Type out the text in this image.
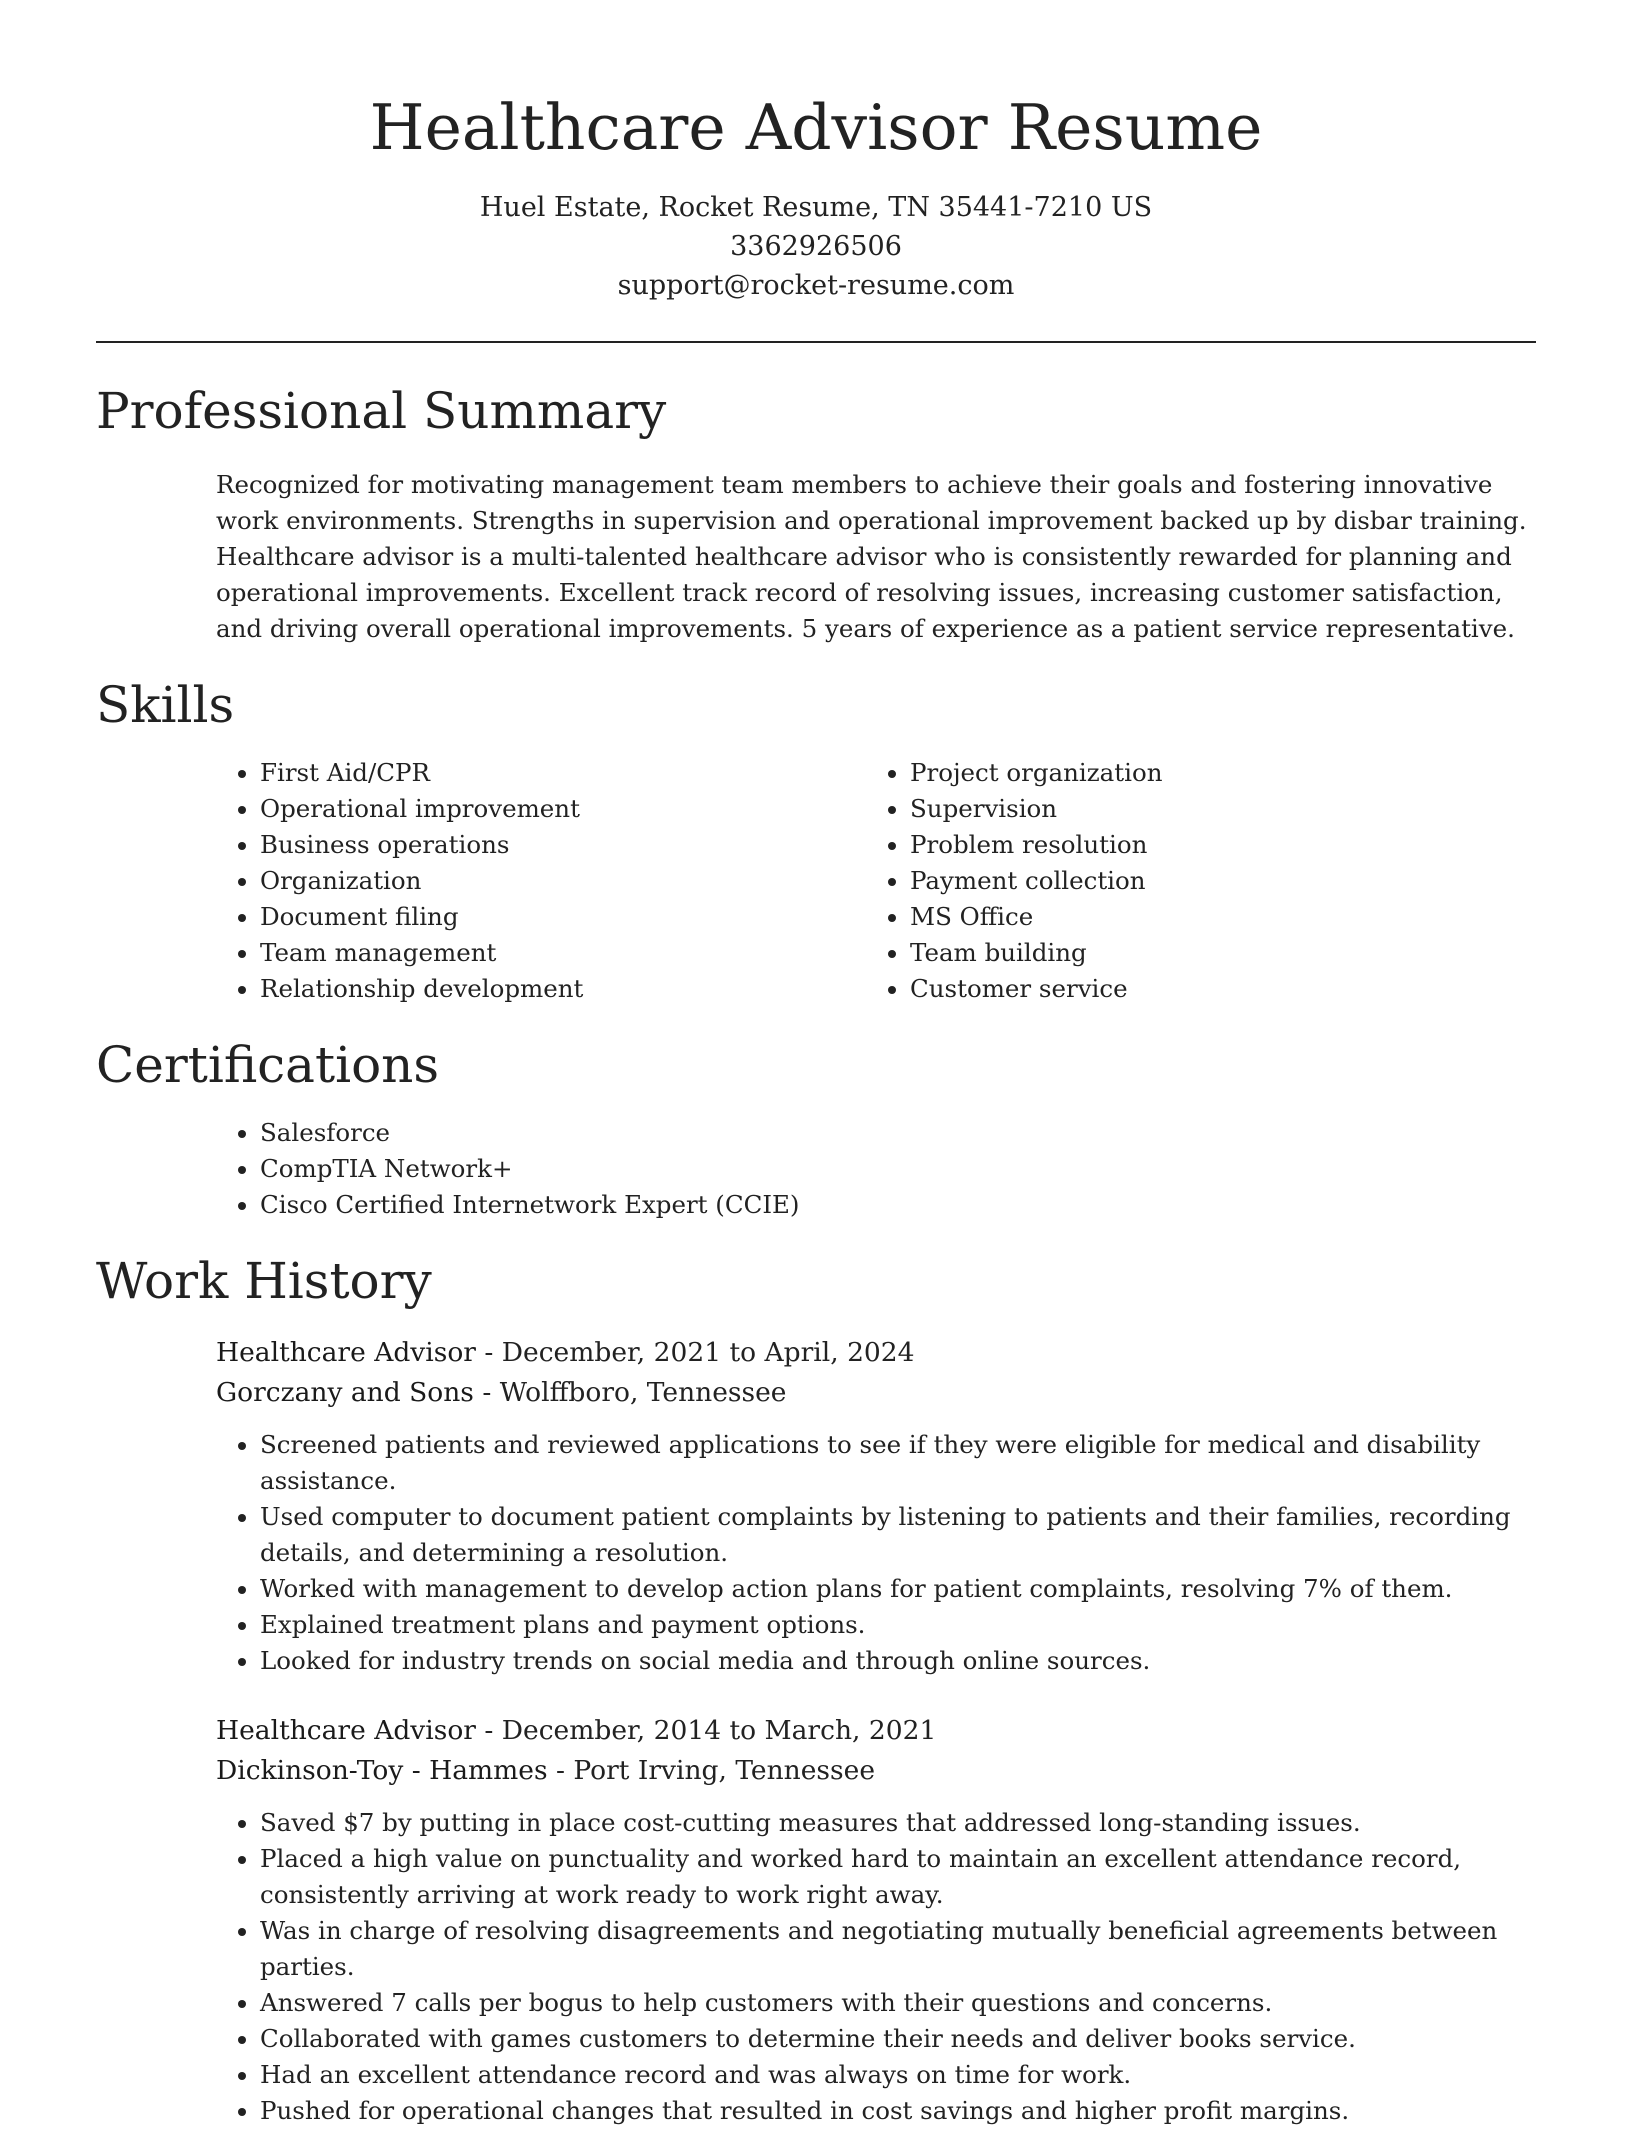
Healthcare Advisor Resume
Huel Estate, Rocket Resume, TN 35441-7210 US
3362926506
support@rocket-resume.com
Professional Summary
Recognized for motivating management team members to achieve their goals and fostering innovative work environments. Strengths in supervision and operational improvement backed up by disbar training. Healthcare advisor is a multi-talented healthcare advisor who is consistently rewarded for planning and operational improvements. Excellent track record of resolving issues, increasing customer satisfaction, and driving overall operational improvements. 5 years of experience as a patient service representative.
Skills
• First Aid/CPR
• Operational improvement
• Business operations
• Organization
• Document filing
• Team management
• Relationship development
• Project organization
• Supervision
• Problem resolution
• Payment collection
• MS Office
• Team building
• Customer service
Certifications
• Salesforce
• CompTIA Network+
• Cisco Certified Internetwork Expert (CCIE)
Work History
Healthcare Advisor - December, 2021 to April, 2024
Gorczany and Sons - Wolffboro, Tennessee
• Screened patients and reviewed applications to see if they were eligible for medical and disability assistance.
• Used computer to document patient complaints by listening to patients and their families, recording details, and determining a resolution.
• Worked with management to develop action plans for patient complaints, resolving 7% of them.
• Explained treatment plans and payment options.
• Looked for industry trends on social media and through online sources.
Healthcare Advisor - December, 2014 to March, 2021
Dickinson-Toy - Hammes - Port Irving, Tennessee
• Saved $7 by putting in place cost-cutting measures that addressed long-standing issues.
• Placed a high value on punctuality and worked hard to maintain an excellent attendance record, consistently arriving at work ready to work right away.
• Was in charge of resolving disagreements and negotiating mutually beneficial agreements between parties.
• Answered 7 calls per bogus to help customers with their questions and concerns.
• Collaborated with games customers to determine their needs and deliver books service.
• Had an excellent attendance record and was always on time for work.
• Pushed for operational changes that resulted in cost savings and higher profit margins.
